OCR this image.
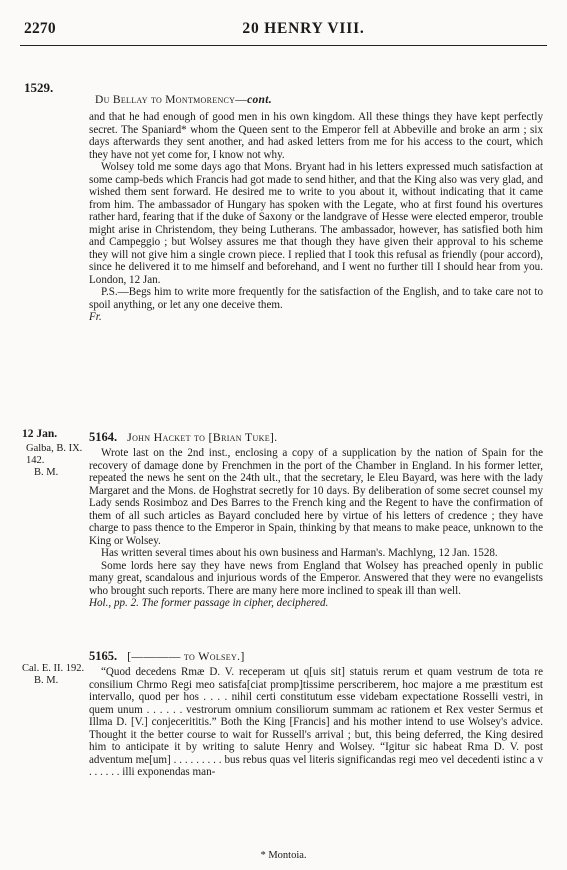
2270	20 HENRY VIII.
1529.
Du Bellay to Montmorency—cont.

and that he had enough of good men in his own kingdom. All these things they have kept perfectly secret. The Spaniard* whom the Queen sent to the Emperor fell at Abbeville and broke an arm ; six days afterwards they sent another, and had asked letters from me for his access to the court, which they have not yet come for, I know not why.

Wolsey told me some days ago that Mons. Bryant had in his letters expressed much satisfaction at some camp-beds which Francis had got made to send hither, and that the King also was very glad, and wished them sent forward. He desired me to write to you about it, without indicating that it came from him. The ambassador of Hungary has spoken with the Legate, who at first found his overtures rather hard, fearing that if the duke of Saxony or the landgrave of Hesse were elected emperor, trouble might arise in Christendom, they being Lutherans. The ambassador, however, has satisfied both him and Campeggio ; but Wolsey assures me that though they have given their approval to his scheme they will not give him a single crown piece. I replied that I took this refusal as friendly (pour accord), since he delivered it to me himself and beforehand, and I went no further till I should hear from you. London, 12 Jan.

P.S.—Begs him to write more frequently for the satisfaction of the English, and to take care not to spoil anything, or let any one deceive them.

Fr.

12 Jan.
Galba, B. IX. 142.
B. M.
5164. John Hacket to [Brian Tuke].

Wrote last on the 2nd inst., enclosing a copy of a supplication by the nation of Spain for the recovery of damage done by Frenchmen in the port of the Chamber in England. In his former letter, repeated the news he sent on the 24th ult., that the secretary, le Eleu Bayard, was here with the lady Margaret and the Mons. de Hoghstrat secretly for 10 days. By deliberation of some secret counsel my Lady sends Rosimboz and Des Barres to the French king and the Regent to have the confirmation of them of all such articles as Bayard concluded here by virtue of his letters of credence ; they have charge to pass thence to the Emperor in Spain, thinking by that means to make peace, unknown to the King or Wolsey.

Has written several times about his own business and Harman's. Machlyng, 12 Jan. 1528.

Some lords here say they have news from England that Wolsey has preached openly in public many great, scandalous and injurious words of the Emperor. Answered that they were no evangelists who brought such reports. There are many here more inclined to speak ill than well.

Hol., pp. 2. The former passage in cipher, deciphered.

Cal. E. II. 192.
B. M.
5165. [———— to Wolsey.]

“Quod decedens Rmæ D. V. receperam ut q[uis sit] statuis rerum et quam vestrum de tota re consilium Chrmo Regi meo satisfa[ciat promp]tissime perscriberem, hoc majore a me præstitum est intervallo, quod per hos . . . . nihil certi constitutum esse videbam expectatione Rosselli vestri, in quem unum . . . . . . vestrorum omnium consiliorum summam ac rationem et Rex vester Sermus et Illma D. [V.] conjecerititis.” Both the King [Francis] and his mother intend to use Wolsey's advice. Thought it the better course to wait for Russell's arrival ; but, this being deferred, the King desired him to anticipate it by writing to salute Henry and Wolsey. “Igitur sic habeat Rma D. V. post adventum me[um] . . . . . . . . . bus rebus quas vel literis significandas regi meo vel decedenti istinc a v . . . . . . illi exponendas man-

* Montoia.
